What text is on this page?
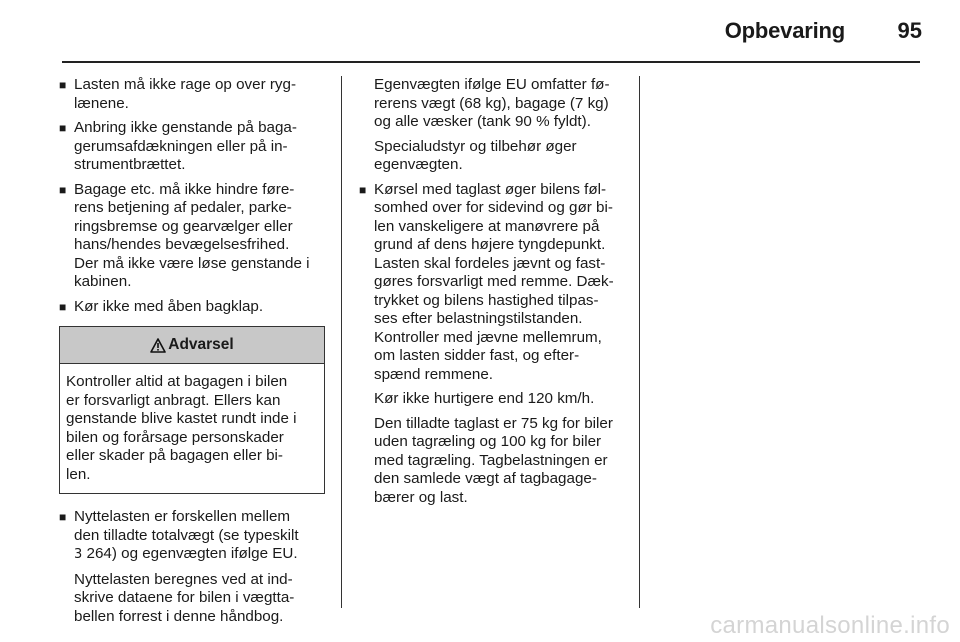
Opbevaring	95
■ Lasten må ikke rage op over ryg-
lænene.
■ Anbring ikke genstande på baga-
gerumsafdækningen eller på in-
strumentbrættet.
■ Bagage etc. må ikke hindre føre-
rens betjening af pedaler, parke-
ringsbremse og gearvælger eller
hans/hendes bevægelsesfrihed.
Der må ikke være løse genstande i
kabinen.
■ Kør ikke med åben bagklap.
Advarsel
Kontroller altid at bagagen i bilen
er forsvarligt anbragt. Ellers kan
genstande blive kastet rundt inde i
bilen og forårsage personskader
eller skader på bagagen eller bi-
len.
■ Nyttelasten er forskellen mellem
den tilladte totalvægt (se typeskilt
3 264) og egenvægten ifølge EU.
Nyttelasten beregnes ved at ind-
skrive dataene for bilen i vægtta-
bellen forrest i denne håndbog.
Egenvægten ifølge EU omfatter fø-
rerens vægt (68 kg), bagage (7 kg)
og alle væsker (tank 90 % fyldt).
Specialudstyr og tilbehør øger
egenvægten.
■ Kørsel med taglast øger bilens føl-
somhed over for sidevind og gør bi-
len vanskeligere at manøvrere på
grund af dens højere tyngdepunkt.
Lasten skal fordeles jævnt og fast-
gøres forsvarligt med remme. Dæk-
trykket og bilens hastighed tilpas-
ses efter belastningstilstanden.
Kontroller med jævne mellemrum,
om lasten sidder fast, og efter-
spænd remmene.
Kør ikke hurtigere end 120 km/h.
Den tilladte taglast er 75 kg for biler
uden tagræling og 100 kg for biler
med tagræling. Tagbelastningen er
den samlede vægt af tagbagage-
bærer og last.
carmanualsonline.info
